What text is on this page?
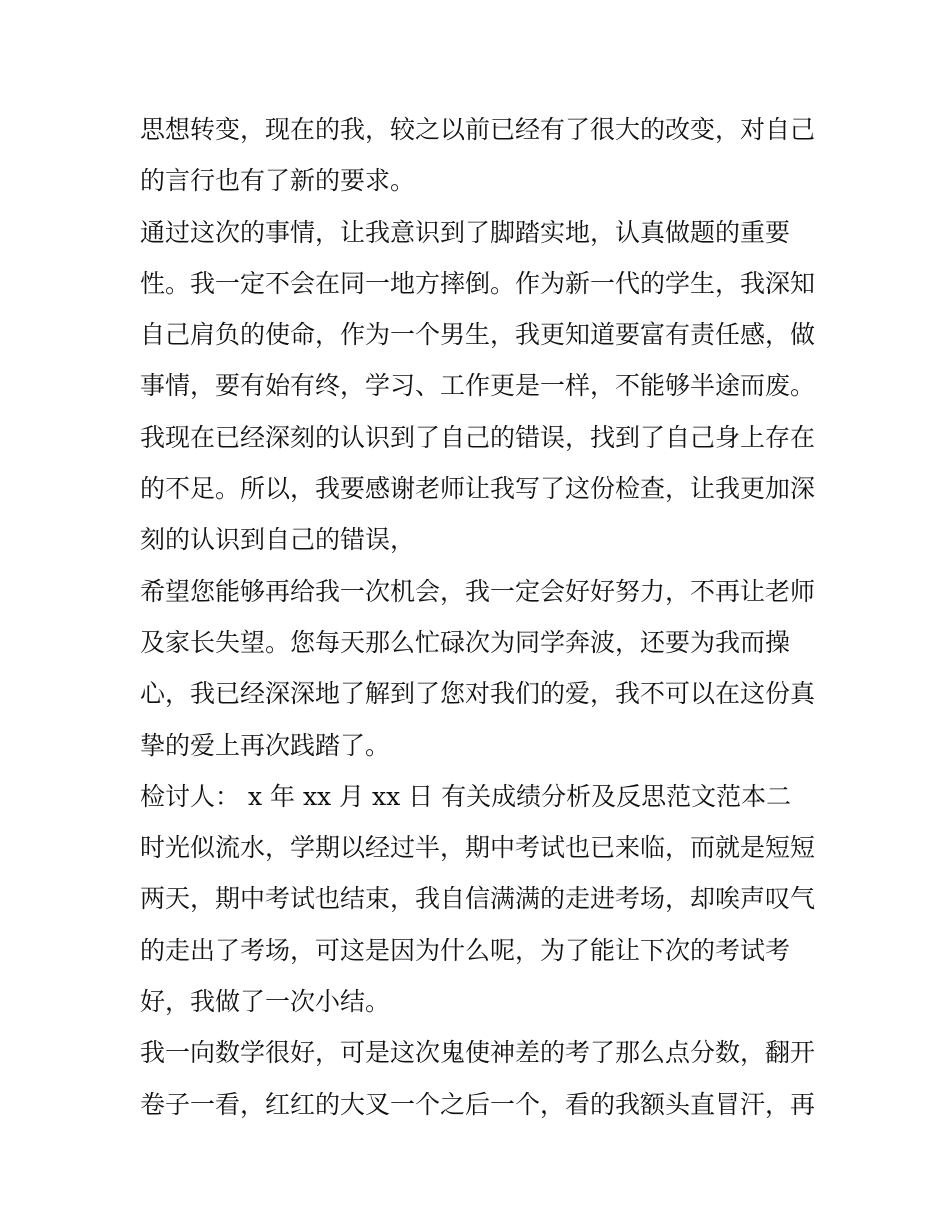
思想转变，现在的我，较之以前已经有了很大的改变，对自己
的言行也有了新的要求。
通过这次的事情，让我意识到了脚踏实地，认真做题的重要
性。我一定不会在同一地方摔倒。作为新一代的学生，我深知
自己肩负的使命，作为一个男生，我更知道要富有责任感，做
事情，要有始有终，学习、工作更是一样，不能够半途而废。
我现在已经深刻的认识到了自己的错误，找到了自己身上存在
的不足。所以，我要感谢老师让我写了这份检查，让我更加深
刻的认识到自己的错误，
希望您能够再给我一次机会，我一定会好好努力，不再让老师
及家长失望。您每天那么忙碌次为同学奔波，还要为我而操
心，我已经深深地了解到了您对我们的爱，我不可以在这份真
挚的爱上再次践踏了。
检讨人： x 年 xx 月 xx 日 有关成绩分析及反思范文范本二
时光似流水，学期以经过半，期中考试也已来临，而就是短短
两天，期中考试也结束，我自信满满的走进考场，却唉声叹气
的走出了考场，可这是因为什么呢，为了能让下次的考试考
好，我做了一次小结。
我一向数学很好，可是这次鬼使神差的考了那么点分数，翻开
卷子一看，红红的大叉一个之后一个，看的我额头直冒汗，再
